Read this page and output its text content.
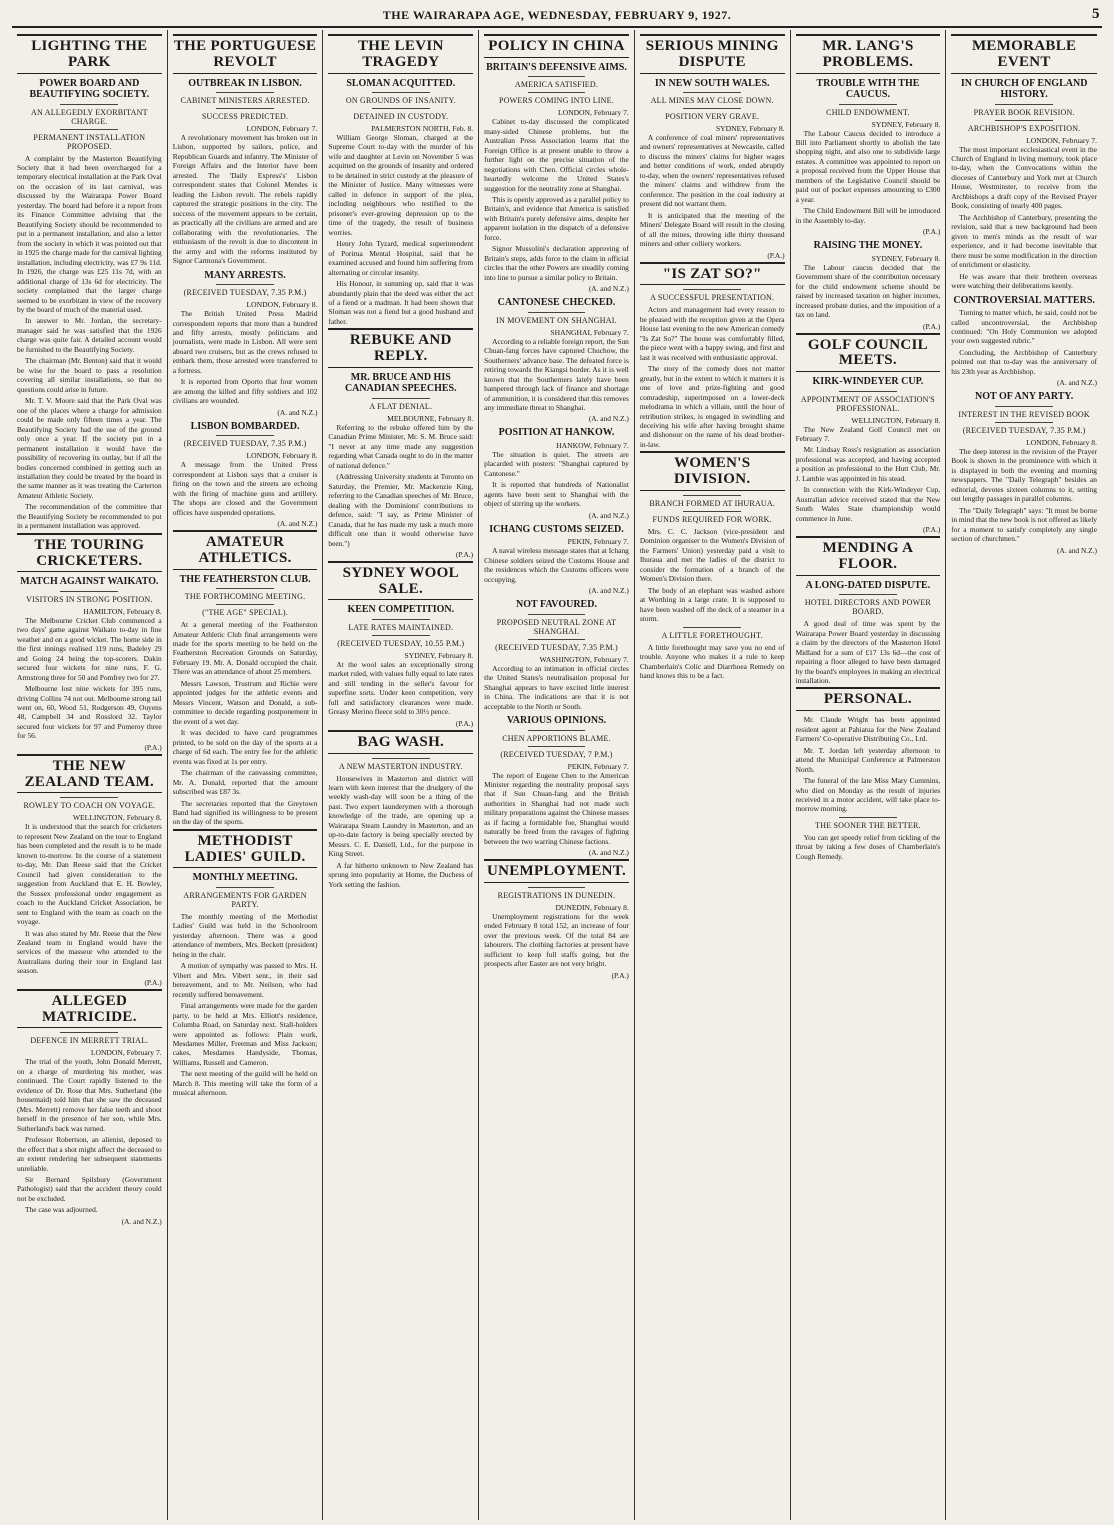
THE WAIRARAPA AGE, WEDNESDAY, FEBRUARY 9, 1927.	5
LIGHTING THE PARK
POWER BOARD AND BEAUTIFYING SOCIETY.
AN ALLEGEDLY EXORBITANT CHARGE.
PERMANENT INSTALLATION PROPOSED.

A complaint by the Masterton Beautifying Society that it had been overcharged for a temporary electrical installation at the Park Oval on the occasion of its last carnival, was discussed by the Wairarapa Power Board yesterday. The board had before it a report from its Finance Committee advising that the Beautifying Society should be recommended to put in a permanent installation, and also a letter from the society in which it was pointed out that in 1925 the charge made for the carnival lighting installation, including electricity, was £7 9s 11d. In 1926, the charge was £25 11s 7d, with an additional charge of 13s 6d for electricity. The society complained that the larger charge seemed to be exorbitant in view of the recovery by the board of much of the material used.

In answer to Mr. Jordan, the secretary-manager said he was satisfied that the 1926 charge was quite fair. A detailed account would be furnished to the Beautifying Society.

The chairman (Mr. Benton) said that it would be wise for the board to pass a resolution covering all similar installations, so that no questions could arise in future.

Mr. T. V. Moore said that the Park Oval was one of the places where a charge for admission could be made only fifteen times a year. The Beautifying Society had the use of the ground only once a year. If the society put in a permanent installation it would have the possibility of recovering its outlay, but if all the bodies concerned combined in getting such an installation they could be treated by the board in the same manner as it was treating the Carterton Amateur Athletic Society.

The recommendation of the committee that the Beautifying Society be recommended to put in a permanent installation was approved.

THE TOURING CRICKETERS.
MATCH AGAINST WAIKATO.
VISITORS IN STRONG POSITION.
HAMILTON, February 8.

The Melbourne Cricket Club commenced a two days' game against Waikato to-day in fine weather and on a good wicket. The home side in the first innings realised 119 runs, Badeley 29 and Going 24 being the top-scorers. Dakin secured four wickets for nine runs, F. G. Armstrong three for 50 and Pomfrey two for 27.

Melbourne lost nine wickets for 395 runs, driving Collins 74 not out. Melbourne strong tail went on, 60, Wood 51, Rodgerson 49, Ouyens 48, Campbell 34 and Rosslord 32. Taylor secured four wickets for 97 and Pomeroy three for 56.

(P.A.)
THE NEW ZEALAND TEAM.
ROWLEY TO COACH ON VOYAGE.
WELLINGTON, February 8.

It is understood that the search for cricketers to represent New Zealand on the tour to England has been completed and the result is to be made known to-morrow. In the course of a statement to-day, Mr. Dan Reese said that the Cricket Council had given consideration to the suggestion from Auckland that E. H. Bowley, the Sussex professional under engagement as coach to the Auckland Cricket Association, be sent to England with the team as coach on the voyage.

It was also stated by Mr. Reese that the New Zealand team in England would have the services of the masseur who attended to the Australians during their tour in England last season.

(P.A.)
ALLEGED MATRICIDE.
DEFENCE IN MERRETT TRIAL.
LONDON, February 7.

The trial of the youth, John Donald Merrett, on a charge of murdering his mother, was continued. The Court rapidly listened to the evidence of Dr. Rose that Mrs. Sutherland (the housemaid) told him that she saw the deceased (Mrs. Merrett) remove her false teeth and shoot herself in the presence of her son, while Mrs. Sutherland's back was turned.

Professor Robertson, an alienist, deposed to the effect that a shot might affect the deceased to an extent rendering her subsequent statements unreliable.

Sir Bernard Spilsbury (Government Pathologist) said that the accident theory could not be excluded.

The case was adjourned.

(A. and N.Z.)
THE PORTUGUESE REVOLT
OUTBREAK IN LISBON.
CABINET MINISTERS ARRESTED.
SUCCESS PREDICTED.
LONDON, February 7.

A revolutionary movement has broken out in Lisbon, supported by sailors, police, and Republican Guards and infantry. The Minister of Foreign Affairs and the Interior have been arrested. The 'Daily Express's' Lisbon correspondent states that Colonel Mendes is leading the Lisbon revolt. The rebels rapidly captured the strategic positions in the city. The success of the movement appears to be certain, as practically all the civilians are armed and are collaborating with the revolutionaries. The enthusiasm of the revolt is due to discontent in the army and with the reforms instituted by Signor Carmona's Government.

MANY ARRESTS.
(RECEIVED TUESDAY, 7.35 P.M.)
LONDON, February 8.

The British United Press Madrid correspondent reports that more than a hundred and fifty arrests, mostly politicians and journalists, were made in Lisbon. All were sent aboard two cruisers, but as the crews refused to embark them, those arrested were transferred to a fortress.

It is reported from Oporto that four women are among the killed and fifty soldiers and 102 civilians are wounded.

(A. and N.Z.)
LISBON BOMBARDED.
(RECEIVED TUESDAY, 7.35 P.M.)
LONDON, February 8.

A message from the United Press correspondent at Lisbon says that a cruiser is firing on the town and the streets are echoing with the firing of machine guns and artillery. The shops are closed and the Government offices have suspended operations.

(A. and N.Z.)
AMATEUR ATHLETICS.
THE FEATHERSTON CLUB.
THE FORTHCOMING MEETING.
("THE AGE" SPECIAL).

At a general meeting of the Featherston Amateur Athletic Club final arrangements were made for the sports meeting to be held on the Featherston Recreation Grounds on Saturday, February 19. Mr. A. Donald occupied the chair. There was an attendance of about 25 members.

Messrs Lawson, Trustrum and Richie were appointed judges for the athletic events and Messrs Vincent, Watson and Donald, a sub-committee to decide regarding postponement in the event of a wet day.

It was decided to have card programmes printed, to be sold on the day of the sports at a charge of 6d each. The entry fee for the athletic events was fixed at 1s per entry.

The chairman of the canvassing committee, Mr. A. Donald, reported that the amount subscribed was £87 3s.

The secretaries reported that the Greytown Band had signified its willingness to be present on the day of the sports.

METHODIST LADIES' GUILD.
MONTHLY MEETING.
ARRANGEMENTS FOR GARDEN PARTY.

The monthly meeting of the Methodist Ladies' Guild was held in the Schoolroom yesterday afternoon. There was a good attendance of members, Mrs. Beckett (president) being in the chair.

A motion of sympathy was passed to Mrs. H. Vibert and Mrs. Vibert senr., in their sad bereavement, and to Mr. Neilson, who had recently suffered bereavement.

Final arrangements were made for the garden party, to be held at Mrs. Elliott's residence, Columba Road, on Saturday next. Stall-holders were appointed as follows: Plain work, Mesdames Miller, Freeman and Miss Jackson; cakes, Mesdames Handyside, Thomas, Williams, Russell and Cameron.

The next meeting of the guild will be held on March 8. This meeting will take the form of a musical afternoon.

THE LEVIN TRAGEDY
SLOMAN ACQUITTED.
ON GROUNDS OF INSANITY.
DETAINED IN CUSTODY.
PALMERSTON NORTH, Feb. 8.

William George Sloman, charged at the Supreme Court to-day with the murder of his wife and daughter at Levin on November 5 was acquitted on the grounds of insanity and ordered to be detained in strict custody at the pleasure of the Minister of Justice. Many witnesses were called in defence in support of the plea, including neighbours who testified to the prisoner's ever-growing depression up to the time of the tragedy, the result of business worries.

Henry John Tyzard, medical superintendent of Porirua Mental Hospital, said that he examined accused and found him suffering from alternating or circular insanity.

His Honour, in summing up, said that it was abundantly plain that the deed was either the act of a fiend or a madman. It had been shown that Sloman was not a fiend but a good husband and father.

REBUKE AND REPLY.
MR. BRUCE AND HIS CANADIAN SPEECHES.
A FLAT DENIAL.
MELBOURNE, February 8.

Referring to the rebuke offered him by the Canadian Prime Minister, Mr. S. M. Bruce said: "I never at any time made any suggestion regarding what Canada ought to do in the matter of national defence."

(Addressing University students at Toronto on Saturday, the Premier, Mr. Mackenzie King, referring to the Canadian speeches of Mr. Bruce, dealing with the Dominions' contributions to defence, said: "I say, as Prime Minister of Canada, that he has made my task a much more difficult one than it would otherwise have been.")

(P.A.)
SYDNEY WOOL SALE.
KEEN COMPETITION.
LATE RATES MAINTAINED.
(RECEIVED TUESDAY, 10.55 P.M.)
SYDNEY, February 8.

At the wool sales an exceptionally strong market ruled, with values fully equal to late rates and still tending in the seller's favour for superfine sorts. Under keen competition, very full and satisfactory clearances were made. Greasy Merino fleece sold to 30½ pence.

(P.A.)
BAG WASH.
A NEW MASTERTON INDUSTRY.

Housewives in Masterton and district will learn with keen interest that the drudgery of the weekly wash-day will soon be a thing of the past. Two expert launderymen with a thorough knowledge of the trade, are opening up a Wairarapa Steam Laundry in Masterton, and an up-to-date factory is being specially erected by Messrs. C. E. Daniell, Ltd., for the purpose in King Street.

A far hitherto unknown to New Zealand has sprung into popularity at Home, the Duchess of York setting the fashion.

POLICY IN CHINA
BRITAIN'S DEFENSIVE AIMS.
AMERICA SATISFIED.
POWERS COMING INTO LINE.
LONDON, February 7.

Cabinet to-day discussed the complicated many-sided Chinese problems, but the Australian Press Association learns that the Foreign Office is at present unable to throw a further light on the precise situation of the negotiations with Chen. Official circles whole-heartedly welcome the United States's suggestion for the neutrality zone at Shanghai.

This is openly approved as a parallel policy to Britain's, and evidence that America is satisfied with Britain's purely defensive aims, despite her apparent isolation in the dispatch of a defensive force.

Signor Mussolini's declaration approving of Britain's steps, adds force to the claim in official circles that the other Powers are steadily coming into line to pursue a similar policy to Britain.

(A. and N.Z.)
CANTONESE CHECKED.
IN MOVEMENT ON SHANGHAI.
SHANGHAI, February 7.

According to a reliable foreign report, the Sun Chuan-fang forces have captured Chuchow, the Southerners' advance base. The defeated force is retiring towards the Kiangsi border. As it is well known that the Southerners lately have been hampered through lack of finance and shortage of ammunition, it is considered that this removes any immediate threat to Shanghai.

(A. and N.Z.)
POSITION AT HANKOW.
HANKOW, February 7.

The situation is quiet. The streets are placarded with posters: "Shanghai captured by Cantonese."

It is reported that hundreds of Nationalist agents have been sent to Shanghai with the object of stirring up the workers.

(A. and N.Z.)
ICHANG CUSTOMS SEIZED.
PEKIN, February 7.

A naval wireless message states that at Ichang Chinese soldiers seized the Customs House and the residences which the Customs officers were occupying.

(A. and N.Z.)
NOT FAVOURED.
PROPOSED NEUTRAL ZONE AT SHANGHAI.
(RECEIVED TUESDAY, 7.35 P.M.)
WASHINGTON, February 7.

According to an intimation in official circles the United States's neutralisation proposal for Shanghai appears to have excited little interest in China. The indications are that it is not acceptable to the North or South.

VARIOUS OPINIONS.
CHEN APPORTIONS BLAME.
(RECEIVED TUESDAY, 7 P.M.)
PEKIN, February 7.

The report of Eugene Chen to the American Minister regarding the neutrality proposal says that if Sun Chuan-fang and the British authorities in Shanghai had not made such military preparations against the Chinese masses as if facing a formidable foe, Shanghai would naturally be freed from the ravages of fighting between the two warring Chinese factions.

(A. and N.Z.)
UNEMPLOYMENT.
REGISTRATIONS IN DUNEDIN.
DUNEDIN, February 8.

Unemployment registrations for the week ended February 8 total 152, an increase of four over the previous week. Of the total 84 are labourers. The clothing factories at present have sufficient to keep full staffs going, but the prospects after Easter are not very bright.

(P.A.)
SERIOUS MINING DISPUTE
IN NEW SOUTH WALES.
ALL MINES MAY CLOSE DOWN.
POSITION VERY GRAVE.
SYDNEY, February 8.

A conference of coal miners' representatives and owners' representatives at Newcastle, called to discuss the miners' claims for higher wages and better conditions of work, ended abruptly to-day, when the owners' representatives refused the miners' claims and withdrew from the conference. The position in the coal industry at present did not warrant them.

It is anticipated that the meeting of the Miners' Delegate Board will result in the closing of all the mines, throwing idle thirty thousand miners and other colliery workers.

(P.A.)
"IS ZAT SO?"
A SUCCESSFUL PRESENTATION.

Actors and management had every reason to be pleased with the reception given at the Opera House last evening to the new American comedy "Is Zat So?" The house was comfortably filled, the piece went with a happy swing, and first and last it was received with enthusiastic approval.

The story of the comedy does not matter greatly, but in the extent to which it matters it is one of love and prize-fighting and good comradeship, superimposed on a lower-deck melodrama in which a villain, until the hour of retribution strikes, is engaged in swindling and deceiving his wife after having brought shame and dishonour on the name of his dead brother-in-law.

WOMEN'S DIVISION.
BRANCH FORMED AT IHURAUA.
FUNDS REQUIRED FOR WORK.

Mrs. C. C. Jackson (vice-president and Dominion organiser to the Women's Division of the Farmers' Union) yesterday paid a visit to Ihuraua and met the ladies of the district to consider the formation of a branch of the Women's Division there.

The body of an elephant was washed ashore at Worthing in a large crate. It is supposed to have been washed off the deck of a steamer in a storm.

A LITTLE FORETHOUGHT.

A little forethought may save you no end of trouble. Anyone who makes it a rule to keep Chamberlain's Colic and Diarrhoea Remedy on hand knows this to be a fact.

MR. LANG'S PROBLEMS.
TROUBLE WITH THE CAUCUS.
CHILD ENDOWMENT.
SYDNEY, February 8.

The Labour Caucus decided to introduce a Bill into Parliament shortly to abolish the late shopping night, and also one to subdivide large estates. A committee was appointed to report on a proposal received from the Upper House that members of the Legislative Council should be paid out of pocket expenses amounting to £300 a year.

The Child Endowment Bill will be introduced in the Assembly to-day.

(P.A.)
RAISING THE MONEY.
SYDNEY, February 8.

The Labour caucus decided that the Government share of the contribution necessary for the child endowment scheme should be raised by increased taxation on higher incomes, increased probate duties, and the imposition of a tax on land.

(P.A.)
GOLF COUNCIL MEETS.
KIRK-WINDEYER CUP.
APPOINTMENT OF ASSOCIATION'S PROFESSIONAL.
WELLINGTON, February 8.

The New Zealand Golf Council met on February 7.

Mr. Lindsay Ross's resignation as association professional was accepted, and having accepted a position as professional to the Hutt Club, Mr. J. Lambie was appointed in his stead.

In connection with the Kirk-Windeyer Cup, Australian advice received stated that the New South Wales State championship would commence in June.

(P.A.)
MENDING A FLOOR.
A LONG-DATED DISPUTE.
HOTEL DIRECTORS AND POWER BOARD.

A good deal of time was spent by the Wairarapa Power Board yesterday in discussing a claim by the directors of the Masterton Hotel Midland for a sum of £17 13s 6d—the cost of repairing a floor alleged to have been damaged by the board's employees in making an electrical installation.

PERSONAL.

Mr. Claude Wright has been appointed resident agent at Pahiatua for the New Zealand Farmers' Co-operative Distributing Co., Ltd.

Mr. T. Jordan left yesterday afternoon to attend the Municipal Conference at Palmerston North.

The funeral of the late Miss Mary Cummins, who died on Monday as the result of injuries received in a motor accident, will take place to-morrow morning.

THE SOONER THE BETTER.

You can get speedy relief from tickling of the throat by taking a few doses of Chamberlain's Cough Remedy.

MEMORABLE EVENT
IN CHURCH OF ENGLAND HISTORY.
PRAYER BOOK REVISION.
ARCHBISHOP'S EXPOSITION.
LONDON, February 7.

The most important ecclesiastical event in the Church of England in living memory, took place to-day, when the Convocations within the dioceses of Canterbury and York met at Church House, Westminster, to receive from the Archbishops a draft copy of the Revised Prayer Book, consisting of nearly 400 pages.

The Archbishop of Canterbury, presenting the revision, said that a new background had been given to men's minds as the result of war experience, and it had become inevitable that there must be some modification in the direction of enrichment or elasticity.

He was aware that their brethren overseas were watching their deliberations keenly.

CONTROVERSIAL MATTERS.

Turning to matter which, he said, could not be called uncontroversial, the Archbishop continued: "On Holy Communion we adopted your own suggested rubric."

Concluding, the Archbishop of Canterbury pointed out that to-day was the anniversary of his 23th year as Archbishop.

(A. and N.Z.)
NOT OF ANY PARTY.
INTEREST IN THE REVISED BOOK
(RECEIVED TUESDAY, 7.35 P.M.)
LONDON, February 8.

The deep interest in the revision of the Prayer Book is shown in the prominence with which it is displayed in both the evening and morning newspapers. The "Daily Telegraph" besides an editorial, devotes sixteen columns to it, setting out lengthy passages in parallel columns.

The "Daily Telegraph" says: "It must be borne in mind that the new book is not offered as likely for a moment to satisfy completely any single section of churchmen."

(A. and N.Z.)
